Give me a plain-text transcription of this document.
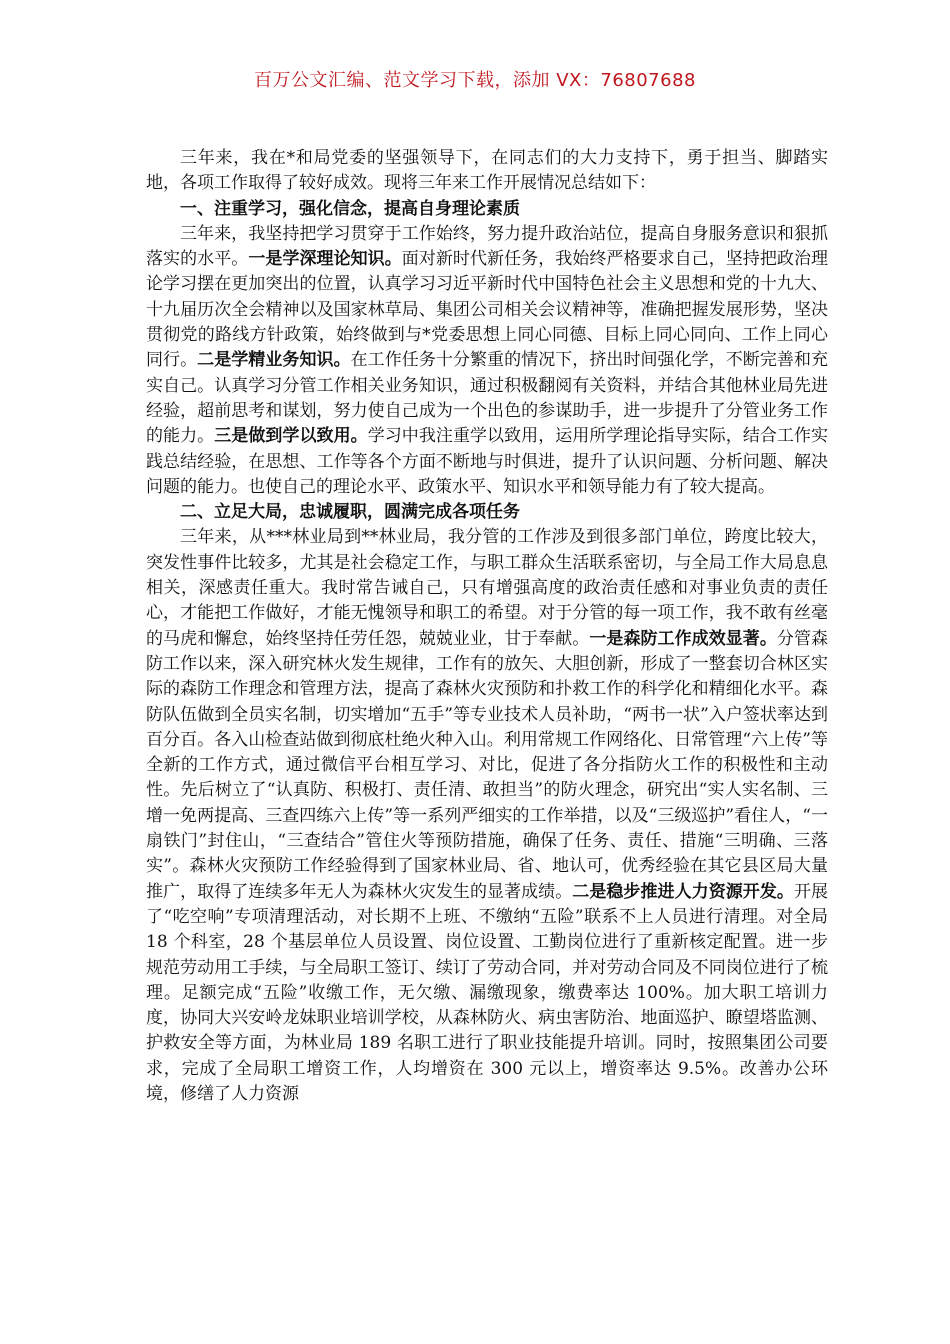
百万公文汇编、范文学习下载，添加 VX：76807688

三年来，我在*和局党委的坚强领导下，在同志们的大力支持下，勇于担当、脚踏实地，各项工作取得了较好成效。现将三年来工作开展情况总结如下：

一、注重学习，强化信念，提高自身理论素质

三年来，我坚持把学习贯穿于工作始终，努力提升政治站位，提高自身服务意识和狠抓落实的水平。一是学深理论知识。面对新时代新任务，我始终严格要求自己，坚持把政治理论学习摆在更加突出的位置，认真学习习近平新时代中国特色社会主义思想和党的十九大、十九届历次全会精神以及国家林草局、集团公司相关会议精神等，准确把握发展形势，坚决贯彻党的路线方针政策，始终做到与*党委思想上同心同德、目标上同心同向、工作上同心同行。二是学精业务知识。在工作任务十分繁重的情况下，挤出时间强化学，不断完善和充实自己。认真学习分管工作相关业务知识，通过积极翻阅有关资料，并结合其他林业局先进经验，超前思考和谋划，努力使自己成为一个出色的参谋助手，进一步提升了分管业务工作的能力。三是做到学以致用。学习中我注重学以致用，运用所学理论指导实际，结合工作实践总结经验，在思想、工作等各个方面不断地与时俱进，提升了认识问题、分析问题、解决问题的能力。也使自己的理论水平、政策水平、知识水平和领导能力有了较大提高。

二、立足大局，忠诚履职，圆满完成各项任务

三年来，从***林业局到**林业局，我分管的工作涉及到很多部门单位，跨度比较大，突发性事件比较多，尤其是社会稳定工作，与职工群众生活联系密切，与全局工作大局息息相关，深感责任重大。我时常告诫自己，只有增强高度的政治责任感和对事业负责的责任心，才能把工作做好，才能无愧领导和职工的希望。对于分管的每一项工作，我不敢有丝毫的马虎和懈怠，始终坚持任劳任怨，兢兢业业，甘于奉献。一是森防工作成效显著。分管森防工作以来，深入研究林火发生规律，工作有的放矢、大胆创新，形成了一整套切合林区实际的森防工作理念和管理方法，提高了森林火灾预防和扑救工作的科学化和精细化水平。森防队伍做到全员实名制，切实增加“五手”等专业技术人员补助，“两书一状”入户签状率达到百分百。各入山检查站做到彻底杜绝火种入山。利用常规工作网络化、日常管理“六上传”等全新的工作方式，通过微信平台相互学习、对比，促进了各分指防火工作的积极性和主动性。先后树立了“认真防、积极打、责任清、敢担当”的防火理念，研究出“实人实名制、三增一免两提高、三查四练六上传”等一系列严细实的工作举措，以及“三级巡护”看住人，“一扇铁门”封住山，“三查结合”管住火等预防措施，确保了任务、责任、措施“三明确、三落实”。森林火灾预防工作经验得到了国家林业局、省、地认可，优秀经验在其它县区局大量推广，取得了连续多年无人为森林火灾发生的显著成绩。二是稳步推进人力资源开发。开展了“吃空响”专项清理活动，对长期不上班、不缴纳“五险”联系不上人员进行清理。对全局 18 个科室，28 个基层单位人员设置、岗位设置、工勤岗位进行了重新核定配置。进一步规范劳动用工手续，与全局职工签订、续订了劳动合同，并对劳动合同及不同岗位进行了梳理。足额完成“五险”收缴工作，无欠缴、漏缴现象，缴费率达 100%。加大职工培训力度，协同大兴安岭龙妹职业培训学校，从森林防火、病虫害防治、地面巡护、瞭望塔监测、护救安全等方面，为林业局 189 名职工进行了职业技能提升培训。同时，按照集团公司要求，完成了全局职工增资工作，人均增资在 300 元以上，增资率达 9.5%。改善办公环境，修缮了人力资源
